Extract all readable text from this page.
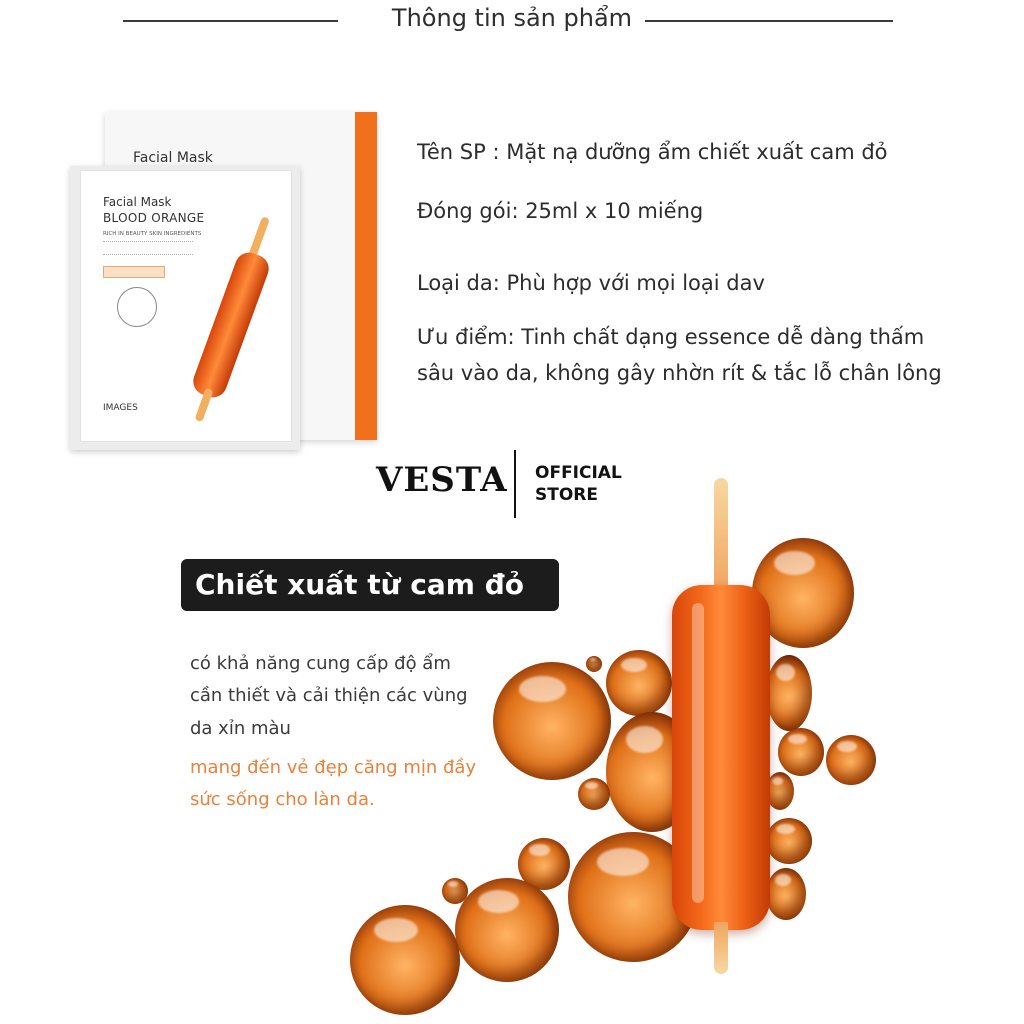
Thông tin sản phẩm
Facial Mask
Facial Mask
BLOOD ORANGE
RICH IN BEAUTY SKIN INGREDIENTS
IMAGES
Tên SP : Mặt nạ dưỡng ẩm chiết xuất cam đỏ
Đóng gói: 25ml x 10 miếng
Loại da: Phù hợp với mọi loại dav
Ưu điểm: Tinh chất dạng essence dễ dàng thấm
sâu vào da, không gây nhờn rít & tắc lỗ chân lông
VESTA OFFICIAL
STORE
Chiết xuất từ cam đỏ
có khả năng cung cấp độ ẩm
cần thiết và cải thiện các vùng
da xỉn màu
mang đến vẻ đẹp căng mịn đầy
sức sống cho làn da.
